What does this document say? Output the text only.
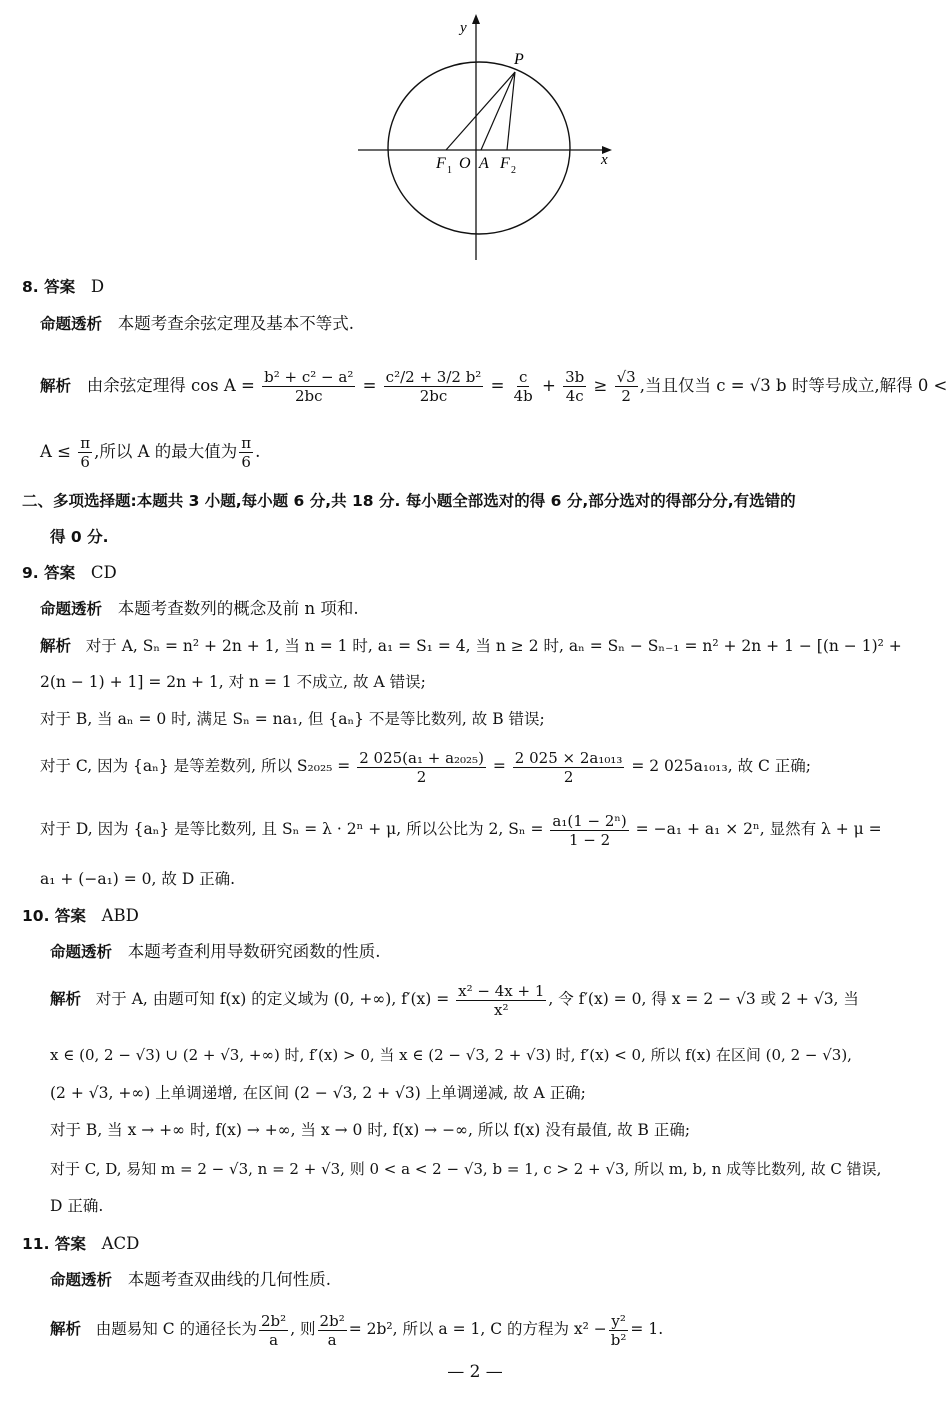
y
x
P
F 1 O A F 2
8. 答案 D
命题透析 本题考查余弦定理及基本不等式.
解析 由余弦定理得 $\cos A = \frac{\text{b² + c² − a²}}{2bc} = \frac{\text{c²/2 + 3/2 b²}}{2bc} = \frac{c}{4b} + \frac{3b}{4c} \ge \frac{√3}{2}$ ,当且仅当 c = √3 b 时等号成立,解得 0 <
$A \le \frac{\pi}{6}$ ,所以 A 的最大值为 $\frac{\pi}{6}$ .
二、多项选择题:本题共 3 小题,每小题 6 分,共 18 分. 每小题全部选对的得 6 分,部分选对的得部分分,有选错的
得 0 分.
9. 答案 CD
命题透析 本题考查数列的概念及前 n 项和.
解析 对于 A, Sₙ = n² + 2n + 1, 当 n = 1 时, a₁ = S₁ = 4, 当 n ≥ 2 时, aₙ = Sₙ − Sₙ₋₁ = n² + 2n + 1 − [(n − 1)² +
2(n − 1) + 1] = 2n + 1, 对 n = 1 不成立, 故 A 错误;
对于 B, 当 aₙ = 0 时, 满足 Sₙ = na₁, 但 {aₙ} 不是等比数列, 故 B 错误;
对于 C, 因为 {aₙ} 是等差数列, 所以 $S_{2025} = \frac{\text{2 025(a₁ + a₂₀₂₅)}}{2} = \frac{\text{2 025 × 2a₁₀₁₃}}{2} = 2$ 025a₁₀₁₃, 故 C 正确;
对于 D, 因为 {aₙ} 是等比数列, 且 Sₙ = λ · 2ⁿ + μ, 所以公比为 2, $S_n = \frac{\text{a₁(1 − 2ⁿ)}}{1 - 2} = -a_1 + a_1 \times 2^n$, 显然有 λ + μ =
a₁ + (−a₁) = 0, 故 D 正确.
10. 答案 ABD
命题透析 本题考查利用导数研究函数的性质.
解析 对于 A, 由题可知 f(x) 的定义域为 (0, +∞), $f'(x) = \frac{\text{x² − 4x + 1}}{\text{x²}}$ , 令 f′(x) = 0, 得 x = 2 − √3 或 2 + √3, 当
x ∈ (0, 2 − √3) ∪ (2 + √3, +∞) 时, f′(x) > 0, 当 x ∈ (2 − √3, 2 + √3) 时, f′(x) < 0, 所以 f(x) 在区间 (0, 2 − √3),
(2 + √3, +∞) 上单调递增, 在区间 (2 − √3, 2 + √3) 上单调递减, 故 A 正确;
对于 B, 当 x → +∞ 时, f(x) → +∞, 当 x → 0 时, f(x) → −∞, 所以 f(x) 没有最值, 故 B 正确;
对于 C, D, 易知 m = 2 − √3, n = 2 + √3, 则 0 < a < 2 − √3, b = 1, c > 2 + √3, 所以 m, b, n 成等比数列, 故 C 错误,
D 正确.
11. 答案 ACD
命题透析 本题考查双曲线的几何性质.
解析 由题易知 C 的通径长为 $\frac{\text{2b²}}{a}$ , 则 $\frac{\text{2b²}}{a} = 2b^2$, 所以 a = 1, C 的方程为 $x^2 - \frac{\text{y²}}{\text{b²}} = 1$.
— 2 —
